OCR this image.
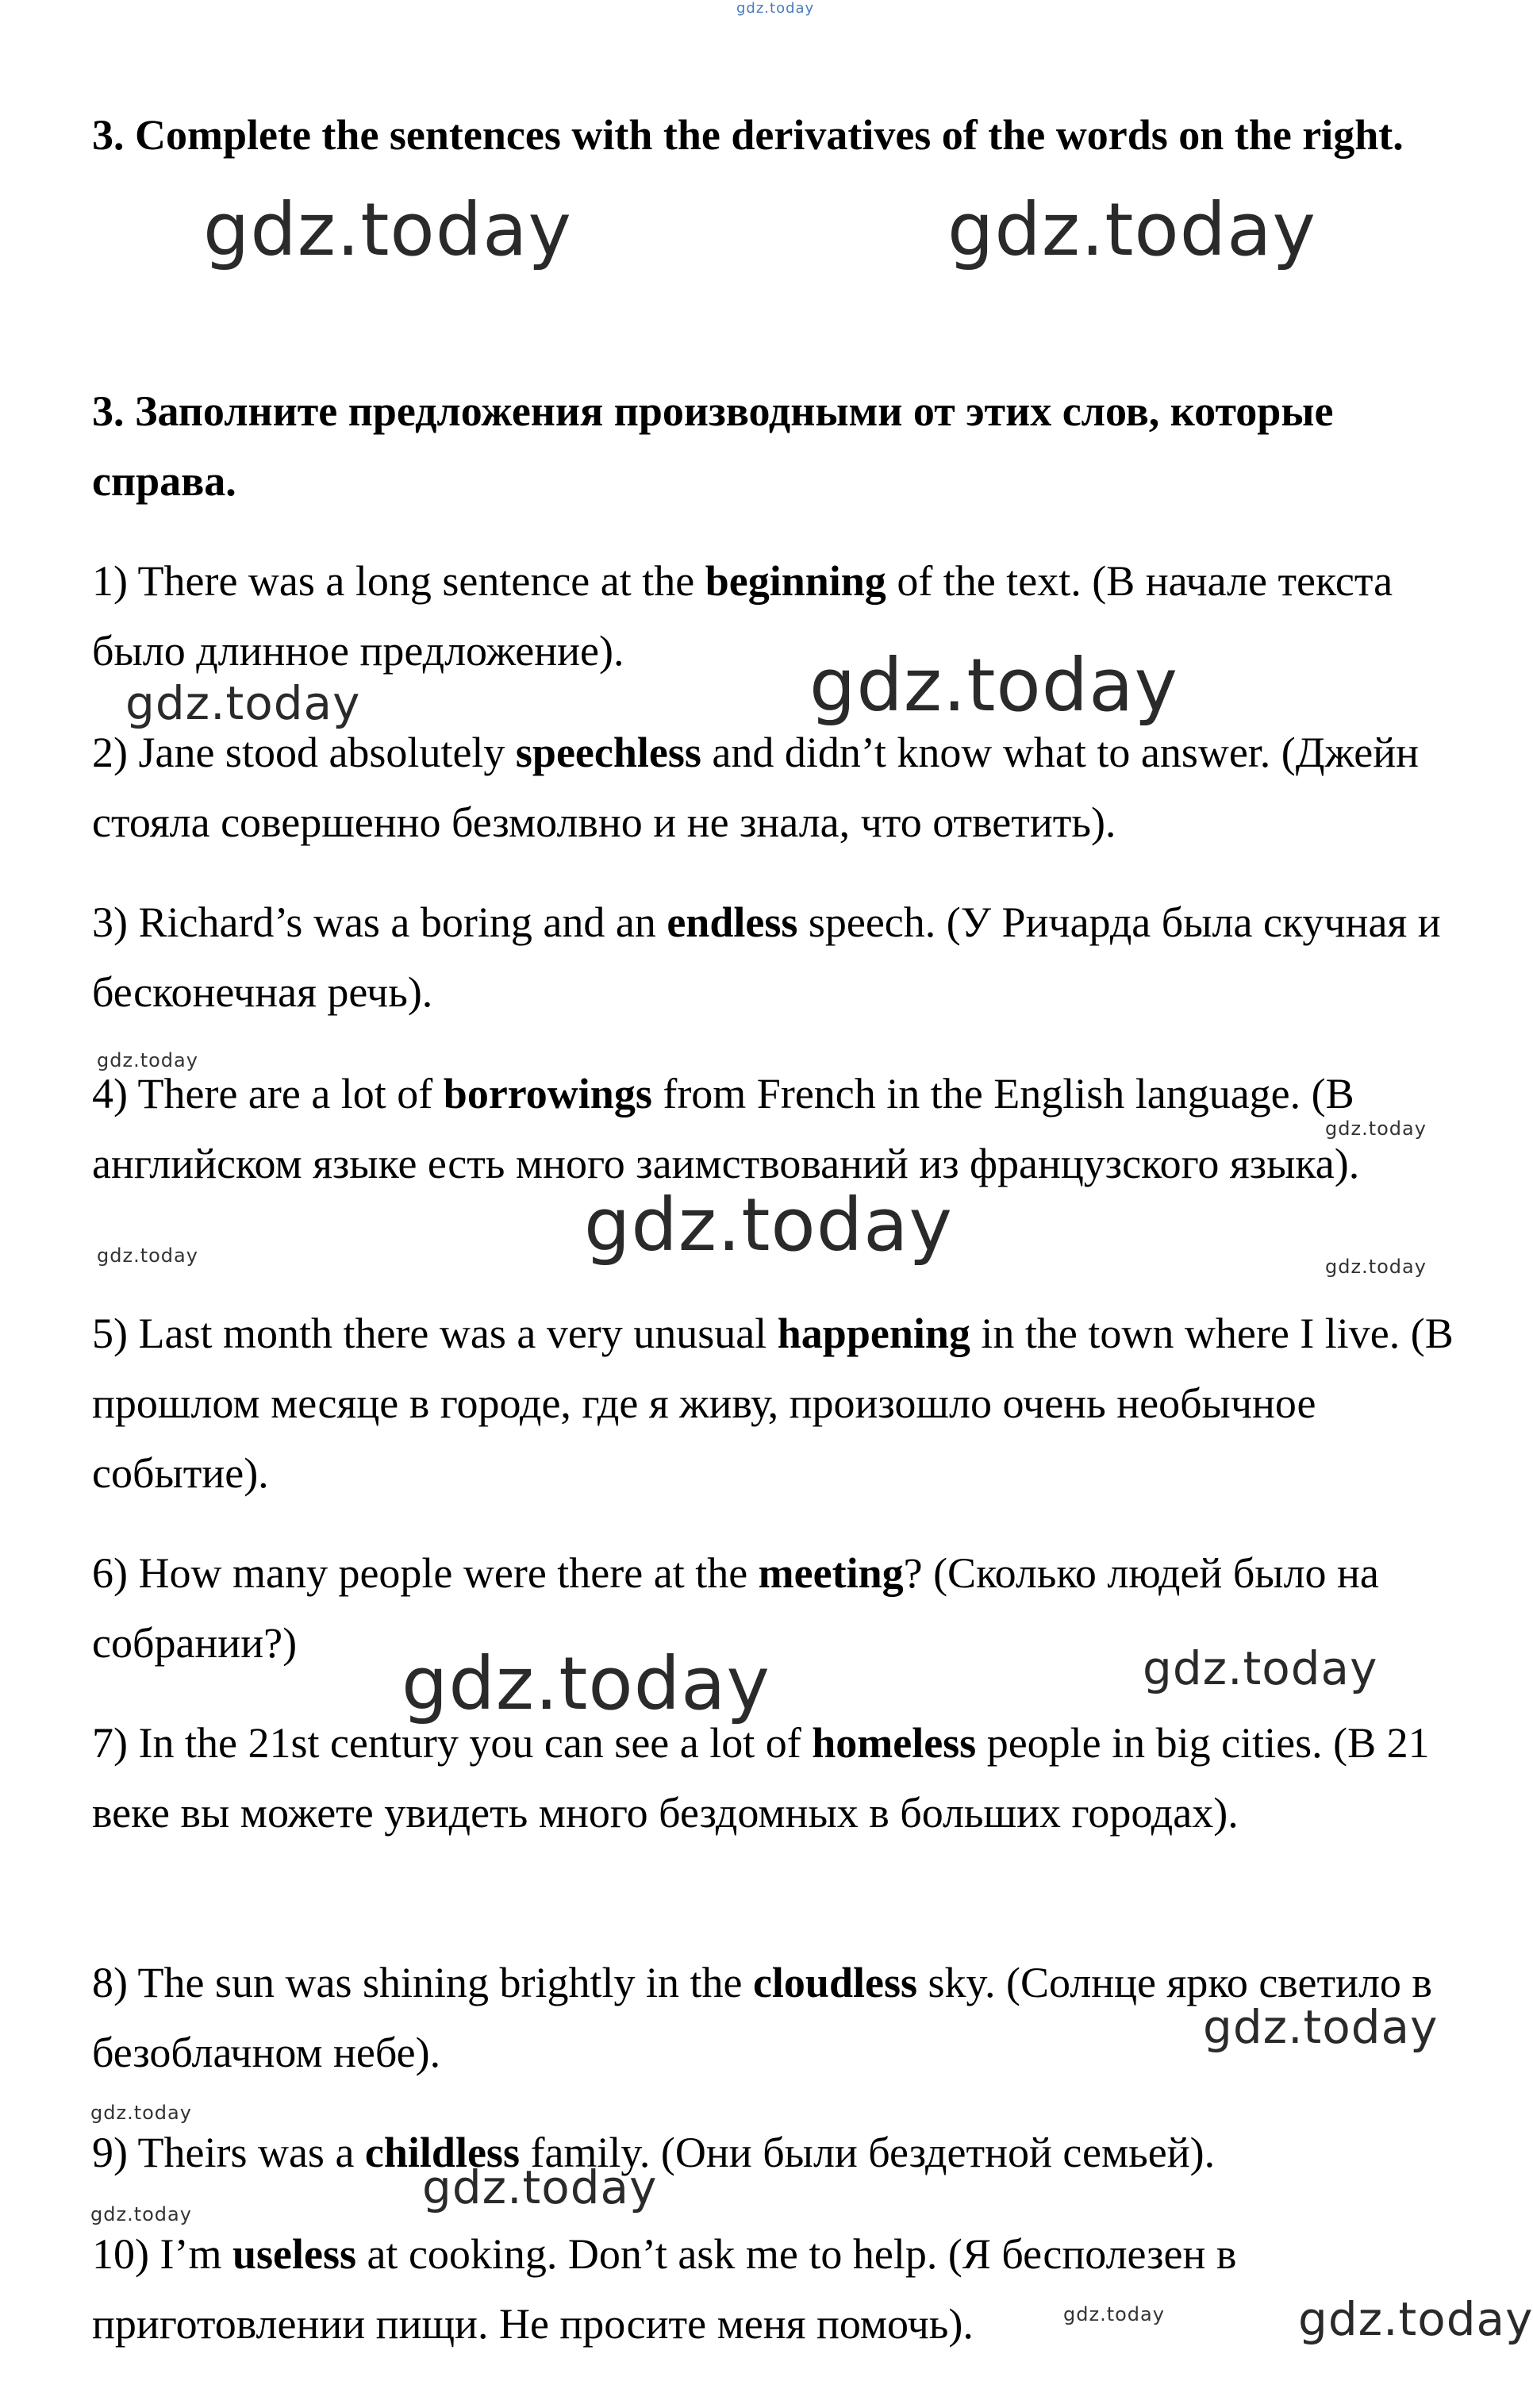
gdz.today
gdz.today	gdz.today
gdz.today
gdz.today
gdz.today
gdz.today
gdz.today
gdz.today	gdz.today
gdz.today	gdz.today
gdz.today
gdz.today
gdz.today
gdz.today
gdz.today	gdz.today

3. Complete the sentences with the derivatives of the words on the right.

3. Заполните предложения производными от этих слов, которые справа.

1) There was a long sentence at the beginning of the text. (В начале текста было длинное предложение).

2) Jane stood absolutely speechless and didn’t know what to answer. (Джейн стояла совершенно безмолвно и не знала, что ответить).

3) Richard’s was a boring and an endless speech. (У Ричарда была скучная и бесконечная речь).

4) There are a lot of borrowings from French in the English language. (В английском языке есть много заимствований из французского языка).

5) Last month there was a very unusual happening in the town where I live. (В прошлом месяце в городе, где я живу, произошло очень необычное событие).

6) How many people were there at the meeting? (Сколько людей было на собрании?)

7) In the 21st century you can see a lot of homeless people in big cities. (В 21 веке вы можете увидеть много бездомных в больших городах).

8) The sun was shining brightly in the cloudless sky. (Солнце ярко светило в безоблачном небе).

9) Theirs was a childless family. (Они были бездетной семьей).

10) I’m useless at cooking. Don’t ask me to help. (Я бесполезен в приготовлении пищи. Не просите меня помочь).
